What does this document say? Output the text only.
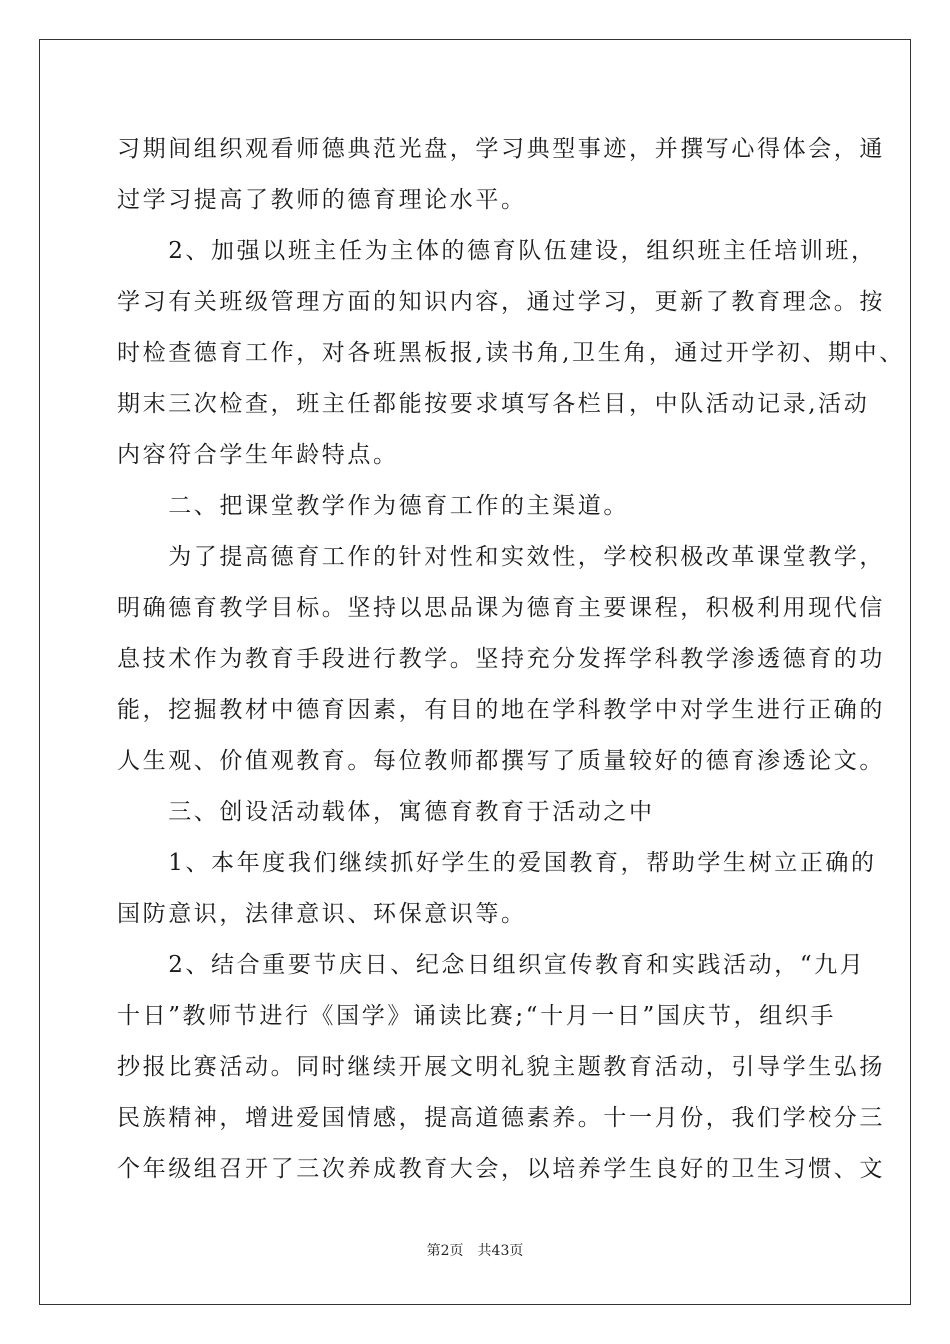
习期间组织观看师德典范光盘，学习典型事迹，并撰写心得体会，通
过学习提高了教师的德育理论水平。
　　2、加强以班主任为主体的德育队伍建设，组织班主任培训班，
学习有关班级管理方面的知识内容，通过学习，更新了教育理念。按
时检查德育工作，对各班黑板报,读书角,卫生角，通过开学初、期中、
期末三次检查，班主任都能按要求填写各栏目，中队活动记录,活动
内容符合学生年龄特点。
　　二、把课堂教学作为德育工作的主渠道。
　　为了提高德育工作的针对性和实效性，学校积极改革课堂教学，
明确德育教学目标。坚持以思品课为德育主要课程，积极利用现代信
息技术作为教育手段进行教学。坚持充分发挥学科教学渗透德育的功
能，挖掘教材中德育因素，有目的地在学科教学中对学生进行正确的
人生观、价值观教育。每位教师都撰写了质量较好的德育渗透论文。
　　三、创设活动载体，寓德育教育于活动之中
　　1、本年度我们继续抓好学生的爱国教育，帮助学生树立正确的
国防意识，法律意识、环保意识等。
　　2、结合重要节庆日、纪念日组织宣传教育和实践活动，“九月
十日”教师节进行《国学》诵读比赛;“十月一日”国庆节，组织手
抄报比赛活动。同时继续开展文明礼貌主题教育活动，引导学生弘扬
民族精神，增进爱国情感，提高道德素养。十一月份，我们学校分三
个年级组召开了三次养成教育大会，以培养学生良好的卫生习惯、文
第2页 共43页
